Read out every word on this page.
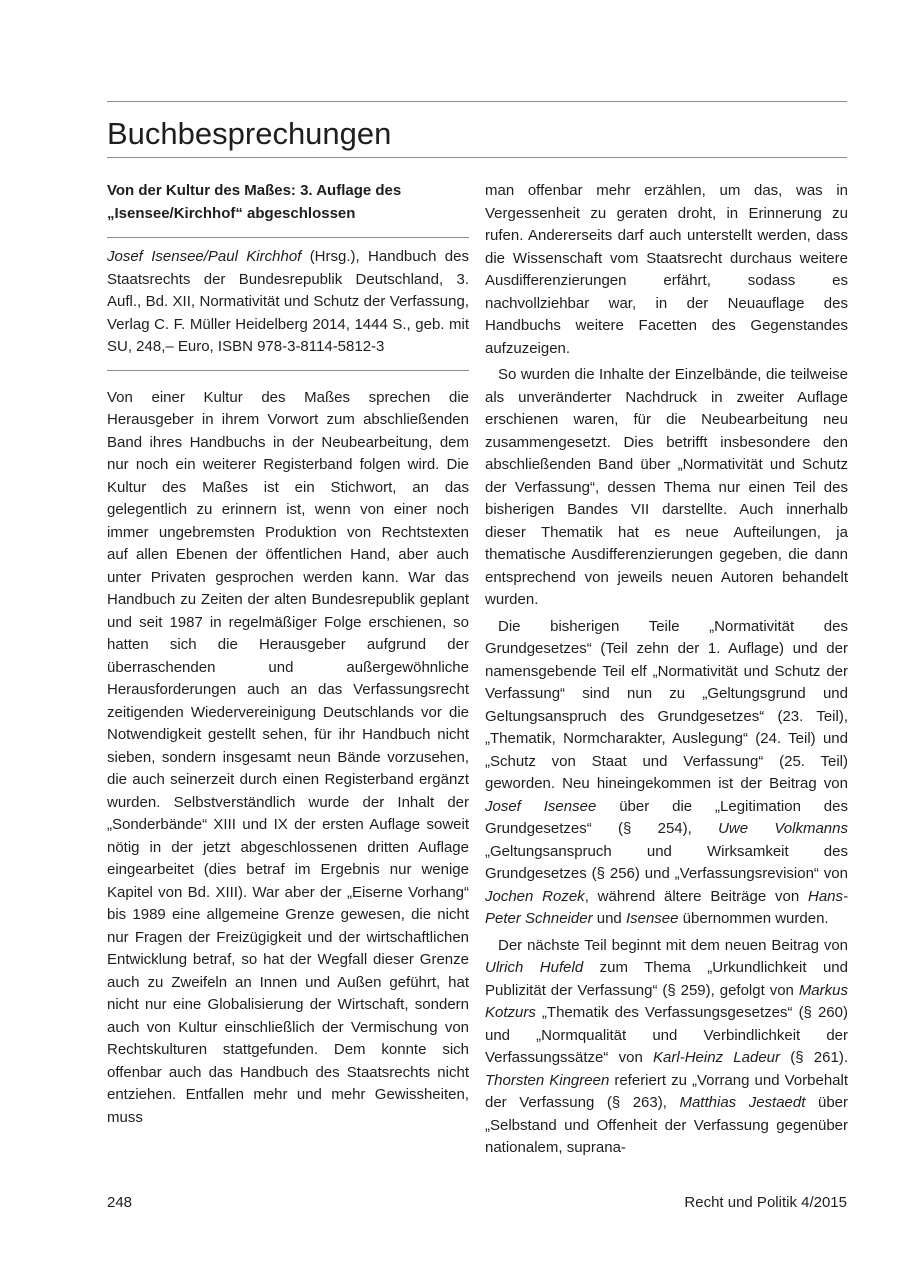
Buchbesprechungen
Von der Kultur des Maßes: 3. Auflage des „Isensee/Kirchhof“ abgeschlossen

Josef Isensee/Paul Kirchhof (Hrsg.), Handbuch des Staatsrechts der Bundesrepublik Deutschland, 3. Aufl., Bd. XII, Normativität und Schutz der Verfassung, Verlag C. F. Müller Heidelberg 2014, 1444 S., geb. mit SU, 248,– Euro, ISBN 978-3-8114-5812-3

Von einer Kultur des Maßes sprechen die Herausgeber in ihrem Vorwort zum abschließenden Band ihres Handbuchs in der Neubearbeitung, dem nur noch ein weiterer Registerband folgen wird. Die Kultur des Maßes ist ein Stichwort, an das gelegentlich zu erinnern ist, wenn von einer noch immer ungebremsten Produktion von Rechtstexten auf allen Ebenen der öffentlichen Hand, aber auch unter Privaten gesprochen werden kann. War das Handbuch zu Zeiten der alten Bundesrepublik geplant und seit 1987 in regelmäßiger Folge erschienen, so hatten sich die Herausgeber aufgrund der überraschenden und außergewöhnliche Herausforderungen auch an das Verfassungsrecht zeitigenden Wiedervereinigung Deutschlands vor die Notwendigkeit gestellt sehen, für ihr Handbuch nicht sieben, sondern insgesamt neun Bände vorzusehen, die auch seinerzeit durch einen Registerband ergänzt wurden. Selbstverständlich wurde der Inhalt der „Sonderbände“ XIII und IX der ersten Auflage soweit nötig in der jetzt abgeschlossenen dritten Auflage eingearbeitet (dies betraf im Ergebnis nur wenige Kapitel von Bd. XIII). War aber der „Eiserne Vorhang“ bis 1989 eine allgemeine Grenze gewesen, die nicht nur Fragen der Freizügigkeit und der wirtschaftlichen Entwicklung betraf, so hat der Wegfall dieser Grenze auch zu Zweifeln an Innen und Außen geführt, hat nicht nur eine Globalisierung der Wirtschaft, sondern auch von Kultur einschließlich der Vermischung von Rechtskulturen stattgefunden. Dem konnte sich offenbar auch das Handbuch des Staatsrechts nicht entziehen. Entfallen mehr und mehr Gewissheiten, muss

man offenbar mehr erzählen, um das, was in Vergessenheit zu geraten droht, in Erinnerung zu rufen. Andererseits darf auch unterstellt werden, dass die Wissenschaft vom Staatsrecht durchaus weitere Ausdifferenzierungen erfährt, sodass es nachvollziehbar war, in der Neuauflage des Handbuchs weitere Facetten des Gegenstandes aufzuzeigen.

So wurden die Inhalte der Einzelbände, die teilweise als unveränderter Nachdruck in zweiter Auflage erschienen waren, für die Neubearbeitung neu zusammengesetzt. Dies betrifft insbesondere den abschließenden Band über „Normativität und Schutz der Verfassung“, dessen Thema nur einen Teil des bisherigen Bandes VII darstellte. Auch innerhalb dieser Thematik hat es neue Aufteilungen, ja thematische Ausdifferenzierungen gegeben, die dann entsprechend von jeweils neuen Autoren behandelt wurden.

Die bisherigen Teile „Normativität des Grundgesetzes“ (Teil zehn der 1. Auflage) und der namensgebende Teil elf „Normativität und Schutz der Verfassung“ sind nun zu „Geltungsgrund und Geltungsanspruch des Grundgesetzes“ (23. Teil), „Thematik, Normcharakter, Auslegung“ (24. Teil) und „Schutz von Staat und Verfassung“ (25. Teil) geworden. Neu hineingekommen ist der Beitrag von Josef Isensee über die „Legitimation des Grundgesetzes“ (§ 254), Uwe Volkmanns „Geltungsanspruch und Wirksamkeit des Grundgesetzes (§ 256) und „Verfassungsrevision“ von Jochen Rozek, während ältere Beiträge von Hans-Peter Schneider und Isensee übernommen wurden.

Der nächste Teil beginnt mit dem neuen Beitrag von Ulrich Hufeld zum Thema „Urkundlichkeit und Publizität der Verfassung“ (§ 259), gefolgt von Markus Kotzurs „Thematik des Verfassungsgesetzes“ (§ 260) und „Normqualität und Verbindlichkeit der Verfassungssätze“ von Karl-Heinz Ladeur (§ 261). Thorsten Kingreen referiert zu „Vorrang und Vorbehalt der Verfassung (§ 263), Matthias Jestaedt über „Selbstand und Offenheit der Verfassung gegenüber nationalem, suprana-

248	Recht und Politik 4/2015
